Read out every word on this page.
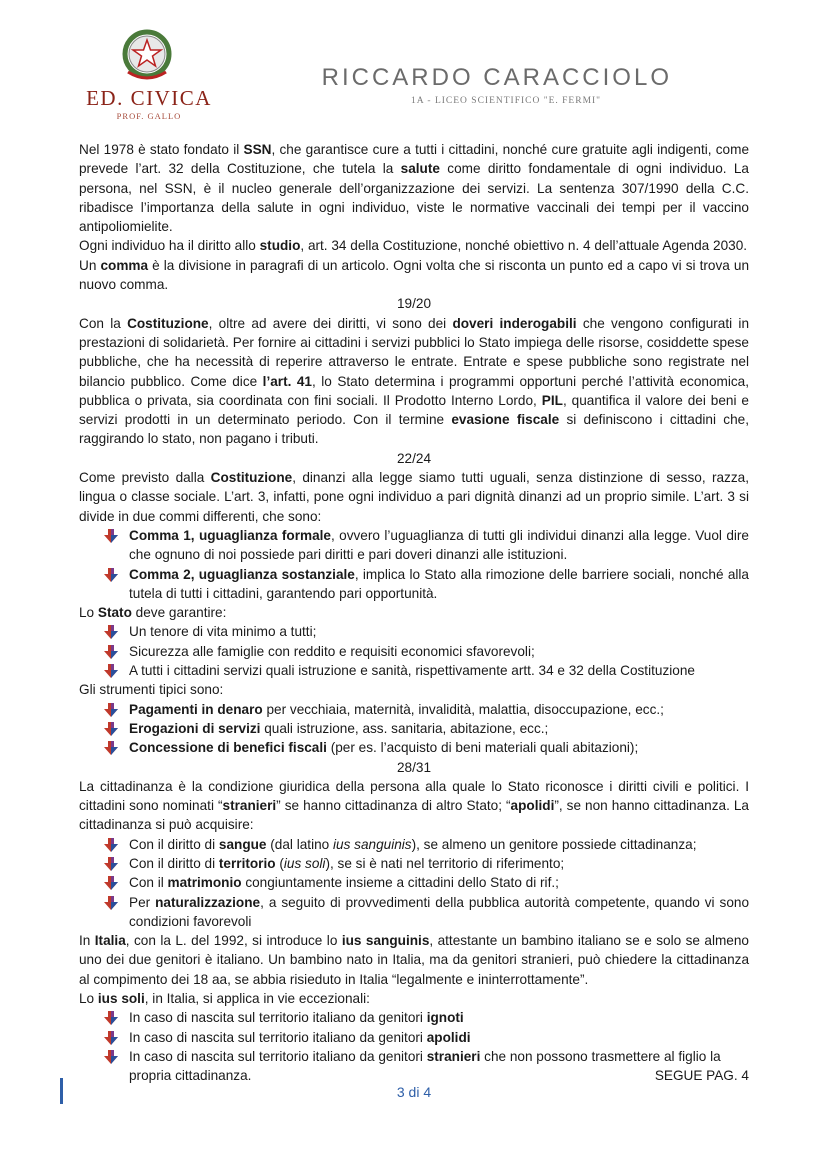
ED. CIVICA
PROF. GALLO
RICCARDO CARACCIOLO
1A - LICEO SCIENTIFICO "E. FERMI"

Nel 1978 è stato fondato il SSN, che garantisce cure a tutti i cittadini, nonché cure gratuite agli indigenti, come prevede l’art. 32 della Costituzione, che tutela la salute come diritto fondamentale di ogni individuo. La persona, nel SSN, è il nucleo generale dell’organizzazione dei servizi. La sentenza 307/1990 della C.C. ribadisce l’importanza della salute in ogni individuo, viste le normative vaccinali dei tempi per il vaccino antipoliomielite.

Ogni individuo ha il diritto allo studio, art. 34 della Costituzione, nonché obiettivo n. 4 dell’attuale Agenda 2030.

Un comma è la divisione in paragrafi di un articolo. Ogni volta che si risconta un punto ed a capo vi si trova un nuovo comma.

19/20

Con la Costituzione, oltre ad avere dei diritti, vi sono dei doveri inderogabili che vengono configurati in prestazioni di solidarietà. Per fornire ai cittadini i servizi pubblici lo Stato impiega delle risorse, cosiddette spese pubbliche, che ha necessità di reperire attraverso le entrate. Entrate e spese pubbliche sono registrate nel bilancio pubblico. Come dice l’art. 41, lo Stato determina i programmi opportuni perché l’attività economica, pubblica o privata, sia coordinata con fini sociali. Il Prodotto Interno Lordo, PIL, quantifica il valore dei beni e servizi prodotti in un determinato periodo. Con il termine evasione fiscale si definiscono i cittadini che, raggirando lo stato, non pagano i tributi.

22/24

Come previsto dalla Costituzione, dinanzi alla legge siamo tutti uguali, senza distinzione di sesso, razza, lingua o classe sociale. L’art. 3, infatti, pone ogni individuo a pari dignità dinanzi ad un proprio simile. L’art. 3 si divide in due commi differenti, che sono:

Comma 1, uguaglianza formale, ovvero l’uguaglianza di tutti gli individui dinanzi alla legge. Vuol dire che ognuno di noi possiede pari diritti e pari doveri dinanzi alle istituzioni.
Comma 2, uguaglianza sostanziale, implica lo Stato alla rimozione delle barriere sociali, nonché alla tutela di tutti i cittadini, garantendo pari opportunità.

Lo Stato deve garantire:

Un tenore di vita minimo a tutti;
Sicurezza alle famiglie con reddito e requisiti economici sfavorevoli;
A tutti i cittadini servizi quali istruzione e sanità, rispettivamente artt. 34 e 32 della Costituzione

Gli strumenti tipici sono:

Pagamenti in denaro per vecchiaia, maternità, invalidità, malattia, disoccupazione, ecc.;
Erogazioni di servizi quali istruzione, ass. sanitaria, abitazione, ecc.;
Concessione di benefici fiscali (per es. l’acquisto di beni materiali quali abitazioni);

28/31

La cittadinanza è la condizione giuridica della persona alla quale lo Stato riconosce i diritti civili e politici. I cittadini sono nominati “stranieri” se hanno cittadinanza di altro Stato; “apolidi”, se non hanno cittadinanza. La cittadinanza si può acquisire:

Con il diritto di sangue (dal latino ius sanguinis), se almeno un genitore possiede cittadinanza;
Con il diritto di territorio (ius soli), se si è nati nel territorio di riferimento;
Con il matrimonio congiuntamente insieme a cittadini dello Stato di rif.;
Per naturalizzazione, a seguito di provvedimenti della pubblica autorità competente, quando vi sono condizioni favorevoli

In Italia, con la L. del 1992, si introduce lo ius sanguinis, attestante un bambino italiano se e solo se almeno uno dei due genitori è italiano. Un bambino nato in Italia, ma da genitori stranieri, può chiedere la cittadinanza al compimento dei 18 aa, se abbia risieduto in Italia “legalmente e ininterrottamente”.

Lo ius soli, in Italia, si applica in vie eccezionali:

In caso di nascita sul territorio italiano da genitori ignoti
In caso di nascita sul territorio italiano da genitori apolidi
In caso di nascita sul territorio italiano da genitori stranieri che non possono trasmettere al figlio la
propria cittadinanza.	SEGUE PAG. 4
3 di 4
